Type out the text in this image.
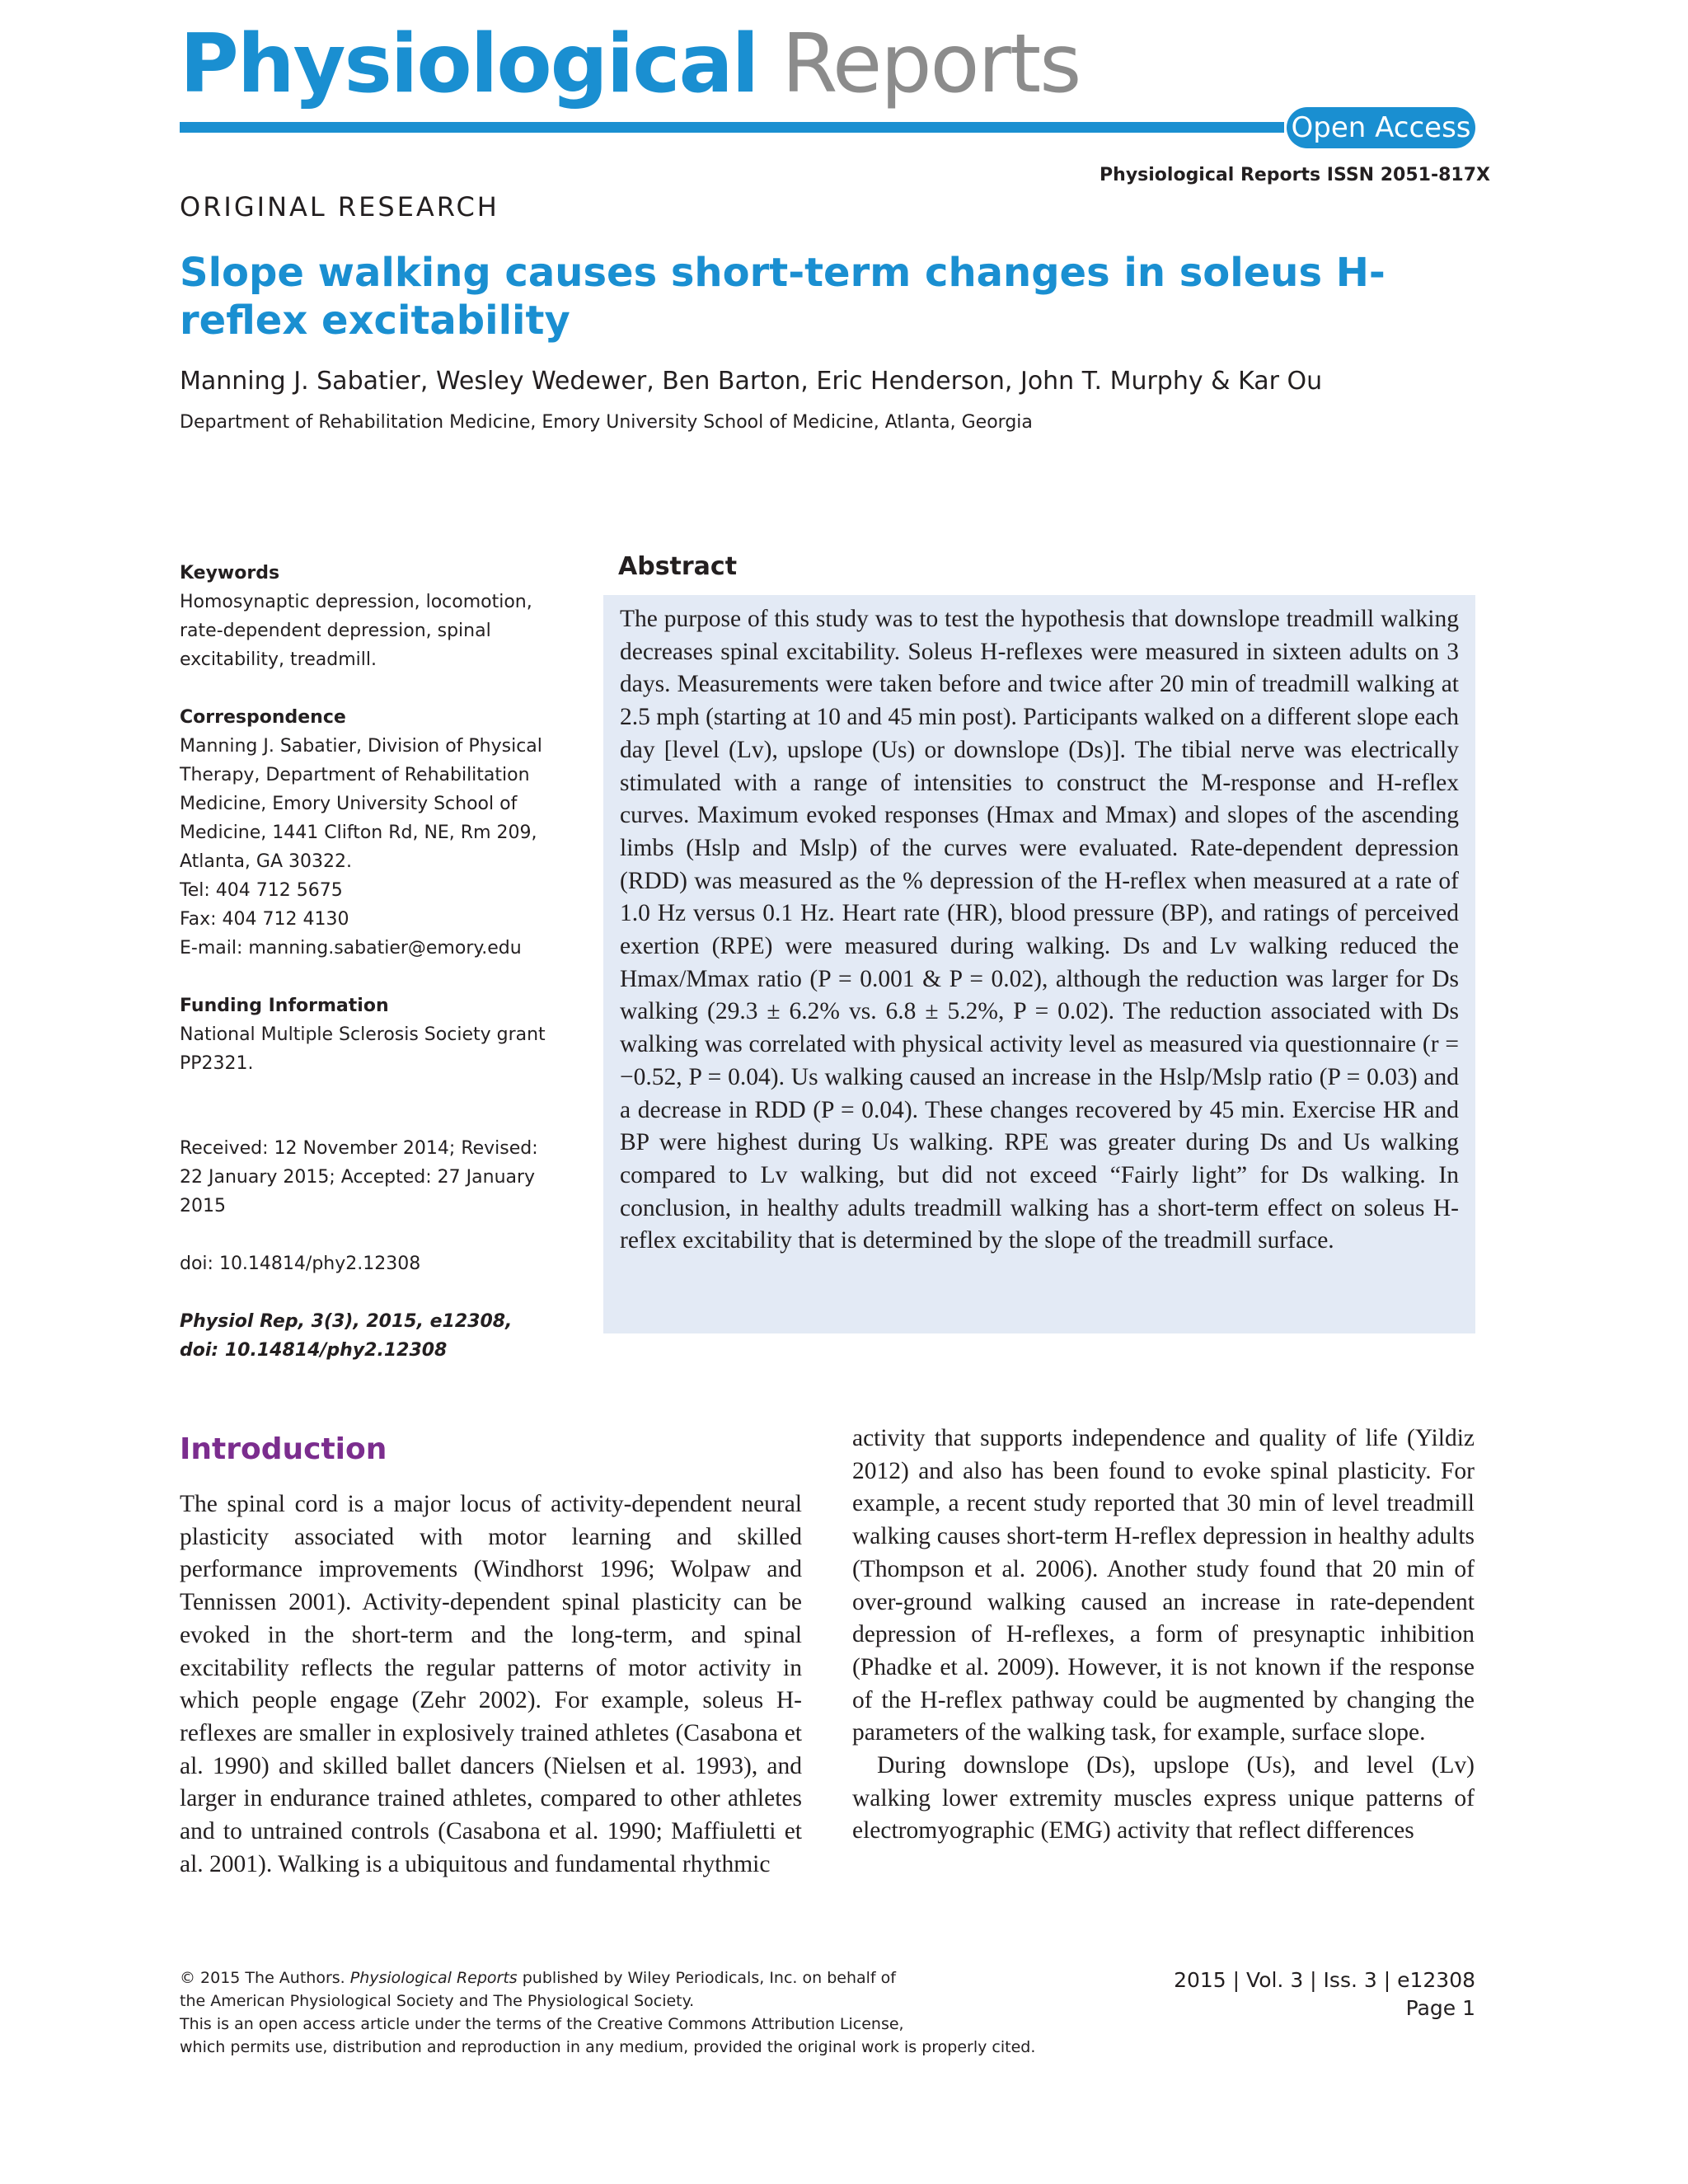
Physiological Reports
Open Access
Physiological Reports ISSN 2051-817X
ORIGINAL RESEARCH
Slope walking causes short-term changes in soleus H-reflex excitability
Manning J. Sabatier, Wesley Wedewer, Ben Barton, Eric Henderson, John T. Murphy & Kar Ou
Department of Rehabilitation Medicine, Emory University School of Medicine, Atlanta, Georgia
Keywords
Homosynaptic depression, locomotion, rate-dependent depression, spinal excitability, treadmill.
Correspondence
Manning J. Sabatier, Division of Physical
Therapy, Department of Rehabilitation
Medicine, Emory University School of
Medicine, 1441 Clifton Rd, NE, Rm 209,
Atlanta, GA 30322.
Tel: 404 712 5675
Fax: 404 712 4130
E-mail: manning.sabatier@emory.edu
Funding Information
National Multiple Sclerosis Society grant PP2321.
Received: 12 November 2014; Revised: 22 January 2015; Accepted: 27 January 2015
doi: 10.14814/phy2.12308
Physiol Rep, 3(3), 2015, e12308,
doi: 10.14814/phy2.12308
Abstract

The purpose of this study was to test the hypothesis that downslope treadmill walking decreases spinal excitability. Soleus H-reflexes were measured in sixteen adults on 3 days. Measurements were taken before and twice after 20 min of treadmill walking at 2.5 mph (starting at 10 and 45 min post). Participants walked on a different slope each day [level (Lv), upslope (Us) or downslope (Ds)]. The tibial nerve was electrically stimulated with a range of intensities to construct the M-response and H-reflex curves. Maximum evoked responses (Hmax and Mmax) and slopes of the ascending limbs (Hslp and Mslp) of the curves were evaluated. Rate-dependent depression (RDD) was measured as the % depression of the H-reflex when measured at a rate of 1.0 Hz versus 0.1 Hz. Heart rate (HR), blood pressure (BP), and ratings of perceived exertion (RPE) were measured during walking. Ds and Lv walking reduced the Hmax/Mmax ratio (P = 0.001 & P = 0.02), although the reduction was larger for Ds walking (29.3 ± 6.2% vs. 6.8 ± 5.2%, P = 0.02). The reduction associated with Ds walking was correlated with physical activity level as measured via questionnaire (r = −0.52, P = 0.04). Us walking caused an increase in the Hslp/Mslp ratio (P = 0.03) and a decrease in RDD (P = 0.04). These changes recovered by 45 min. Exercise HR and BP were highest during Us walking. RPE was greater during Ds and Us walking compared to Lv walking, but did not exceed “Fairly light” for Ds walking. In conclusion, in healthy adults treadmill walking has a short-term effect on soleus H-reflex excitability that is determined by the slope of the treadmill surface.

Introduction

The spinal cord is a major locus of activity-dependent neural plasticity associated with motor learning and skilled performance improvements (Windhorst 1996; Wolpaw and Tennissen 2001). Activity-dependent spinal plasticity can be evoked in the short-term and the long-term, and spinal excitability reflects the regular patterns of motor activity in which people engage (Zehr 2002). For example, soleus H-reflexes are smaller in explosively trained athletes (Casabona et al. 1990) and skilled ballet dancers (Nielsen et al. 1993), and larger in endurance trained athletes, compared to other athletes and to untrained controls (Casabona et al. 1990; Maffiuletti et al. 2001). Walking is a ubiquitous and fundamental rhythmic

activity that supports independence and quality of life (Yildiz 2012) and also has been found to evoke spinal plasticity. For example, a recent study reported that 30 min of level treadmill walking causes short-term H-reflex depression in healthy adults (Thompson et al. 2006). Another study found that 20 min of over-ground walking caused an increase in rate-dependent depression of H-reflexes, a form of presynaptic inhibition (Phadke et al. 2009). However, it is not known if the response of the H-reflex pathway could be augmented by changing the parameters of the walking task, for example, surface slope.

During downslope (Ds), upslope (Us), and level (Lv) walking lower extremity muscles express unique patterns of electromyographic (EMG) activity that reflect differences

© 2015 The Authors. Physiological Reports published by Wiley Periodicals, Inc. on behalf of
the American Physiological Society and The Physiological Society.
This is an open access article under the terms of the Creative Commons Attribution License,
which permits use, distribution and reproduction in any medium, provided the original work is properly cited.
2015 | Vol. 3 | Iss. 3 | e12308
Page 1
